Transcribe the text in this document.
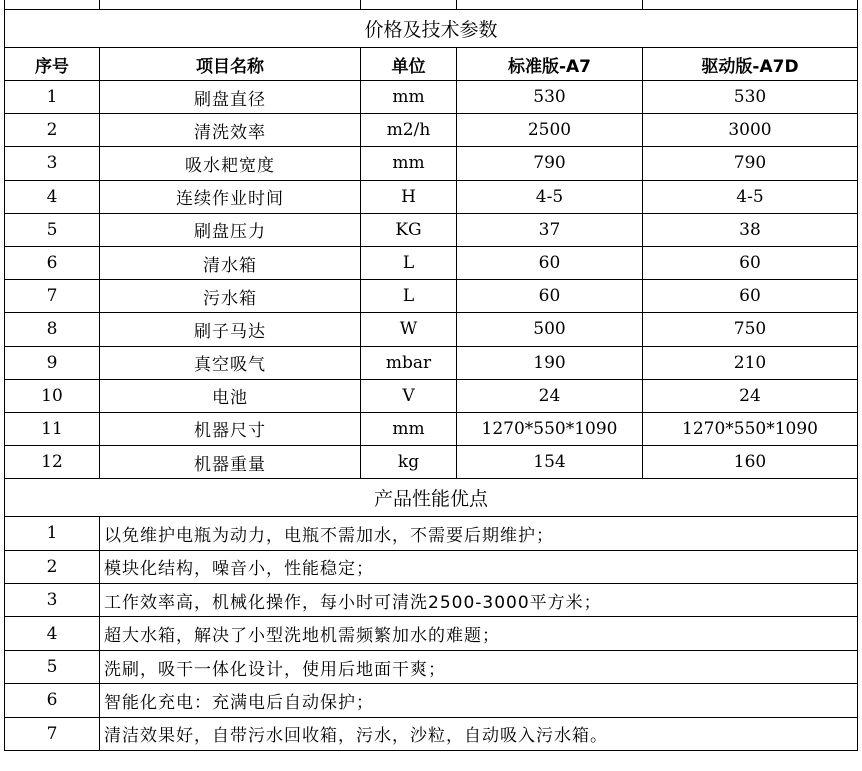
价格及技术参数				
序号	项目名称	单位	标准版-A7	驱动版-A7D
1	刷盘直径	mm	530	530
2	清洗效率	m2/h	2500	3000
3	吸水耙宽度	mm	790	790
4	连续作业时间	H	4-5	4-5
5	刷盘压力	KG	37	38
6	清水箱	L	60	60
7	污水箱	L	60	60
8	刷子马达	W	500	750
9	真空吸气	mbar	190	210
10	电池	V	24	24
11	机器尺寸	mm	1270*550*1090	1270*550*1090
12	机器重量	kg	154	160
产品性能优点				
1	以免维护电瓶为动力，电瓶不需加水，不需要后期维护；			
2	模块化结构，噪音小，性能稳定；			
3	工作效率高，机械化操作，每小时可清洗2500-3000平方米；			
4	超大水箱，解决了小型洗地机需频繁加水的难题；			
5	洗刷，吸干一体化设计，使用后地面干爽；			
6	智能化充电：充满电后自动保护；			
7	清洁效果好，自带污水回收箱，污水，沙粒，自动吸入污水箱。			
